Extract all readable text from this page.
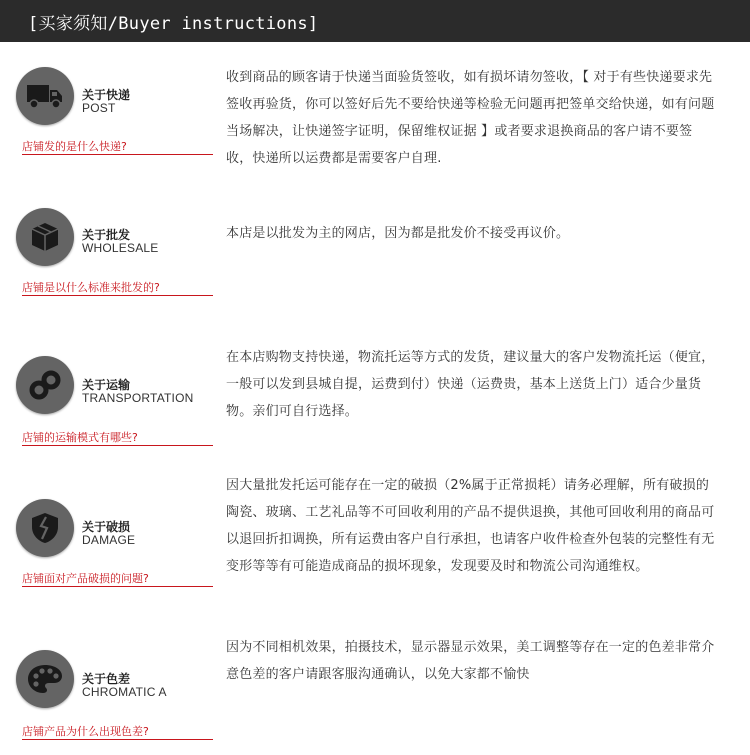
[买家须知/Buyer instructions]
关于快递
POST
店铺发的是什么快递?
收到商品的顾客请于快递当面验货签收，如有损坏请勿签收，【 对于有些快递要求先签收再验货，你可以签好后先不要给快递等检验无问题再把签单交给快递，如有问题当场解决，让快递签字证明，保留维权证据 】或者要求退换商品的客户请不要签收，快递所以运费都是需要客户自理.
关于批发
WHOLESALE
店铺是以什么标准来批发的?
本店是以批发为主的网店，因为都是批发价不接受再议价。
关于运输
TRANSPORTATION
店铺的运输模式有哪些?
在本店购物支持快递，物流托运等方式的发货，建议量大的客户发物流托运（便宜，一般可以发到县城自提，运费到付）快递（运费贵，基本上送货上门）适合少量货物。亲们可自行选择。
关于破损
DAMAGE
店铺面对产品破损的问题?
因大量批发托运可能存在一定的破损（2%属于正常损耗）请务必理解，所有破损的陶瓷、玻璃、工艺礼品等不可回收利用的产品不提供退换，其他可回收利用的商品可以退回折扣调换，所有运费由客户自行承担，也请客户收件检查外包装的完整性有无变形等等有可能造成商品的损坏现象，发现要及时和物流公司沟通维权。
关于色差
CHROMATIC A
店铺产品为什么出现色差?
因为不同相机效果，拍摄技术，显示器显示效果，美工调整等存在一定的色差非常介意色差的客户请跟客服沟通确认，以免大家都不愉快
